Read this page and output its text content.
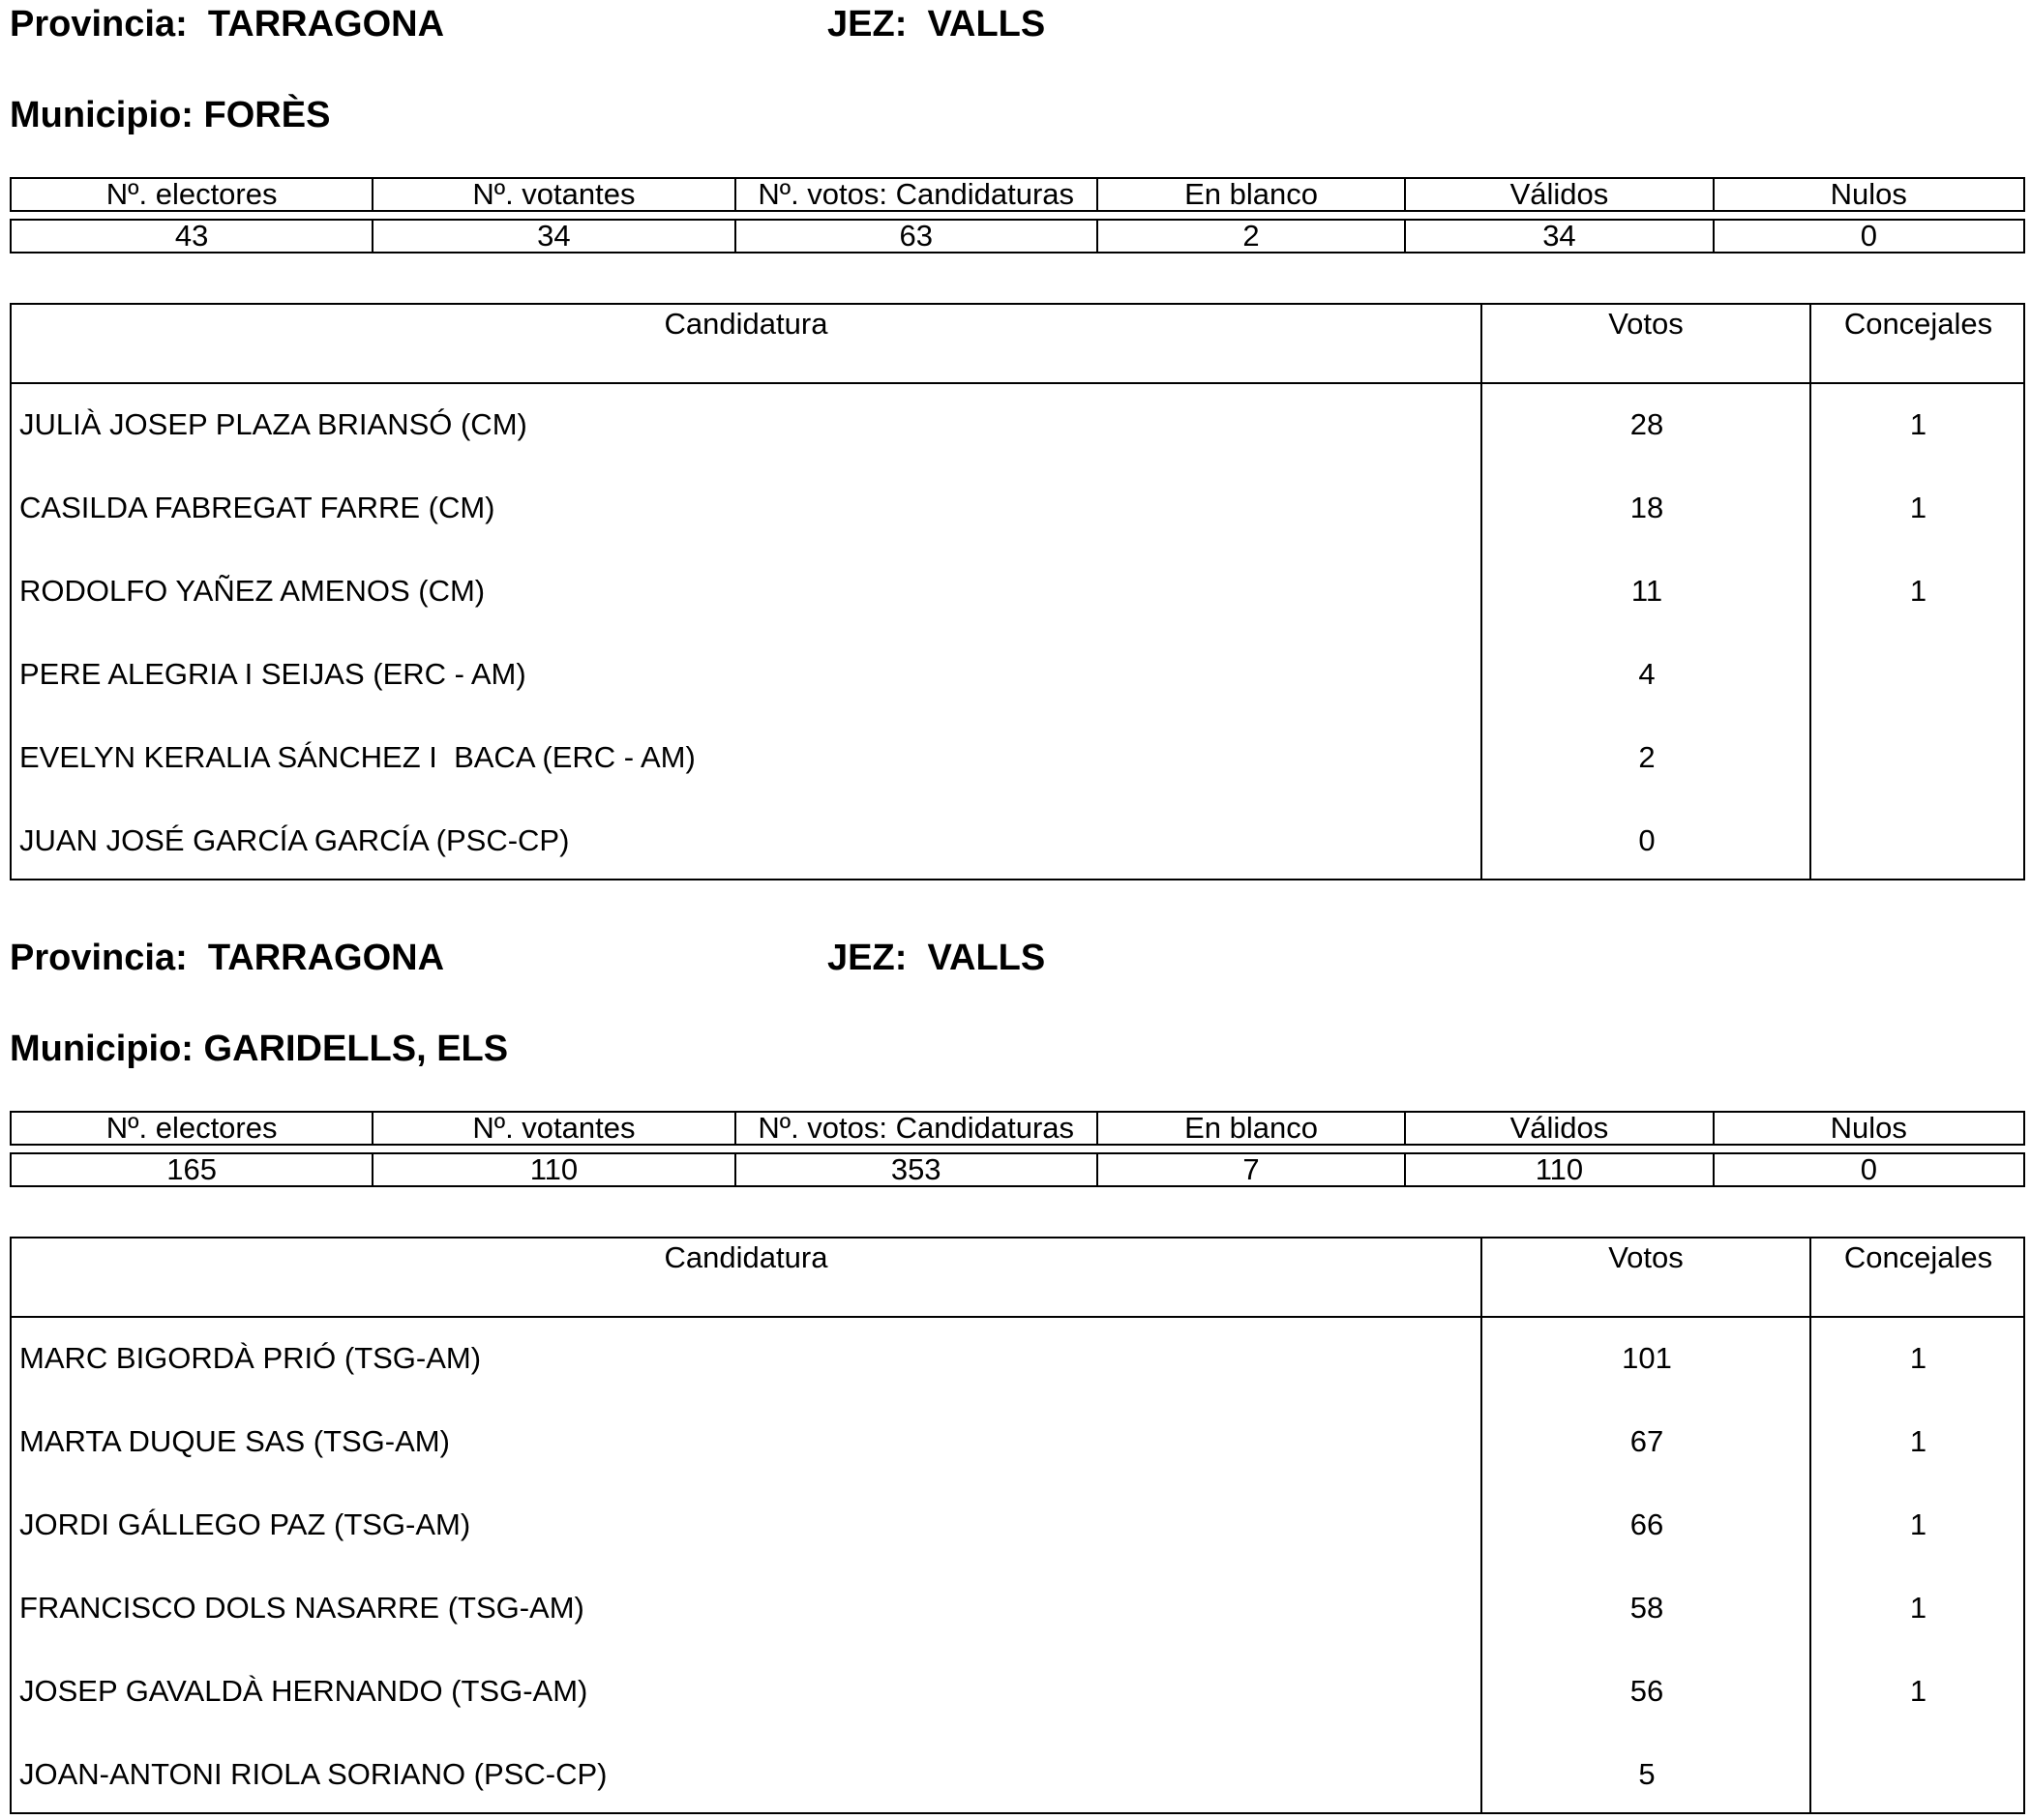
Provincia: TARRAGONA	JEZ: VALLS
Municipio: FORÈS
Nº. electores	Nº. votantes	Nº. votos: Candidaturas	En blanco	Válidos	Nulos
43	34	63	2	34	0
Candidatura	Votos	Concejales
JULIÀ JOSEP PLAZA BRIANSÓ (CM)	28	1
CASILDA FABREGAT FARRE (CM)	18	1
RODOLFO YAÑEZ AMENOS (CM)	11	1
PERE ALEGRIA I SEIJAS (ERC - AM)	4
EVELYN KERALIA SÁNCHEZ I  BACA (ERC - AM)	2
JUAN JOSÉ GARCÍA GARCÍA (PSC-CP)	0
Provincia: TARRAGONA	JEZ: VALLS
Municipio: GARIDELLS, ELS
Nº. electores	Nº. votantes	Nº. votos: Candidaturas	En blanco	Válidos	Nulos
165	110	353	7	110	0
Candidatura	Votos	Concejales
MARC BIGORDÀ PRIÓ (TSG-AM)	101	1
MARTA DUQUE SAS (TSG-AM)	67	1
JORDI GÁLLEGO PAZ (TSG-AM)	66	1
FRANCISCO DOLS NASARRE (TSG-AM)	58	1
JOSEP GAVALDÀ HERNANDO (TSG-AM)	56	1
JOAN-ANTONI RIOLA SORIANO (PSC-CP)	5
